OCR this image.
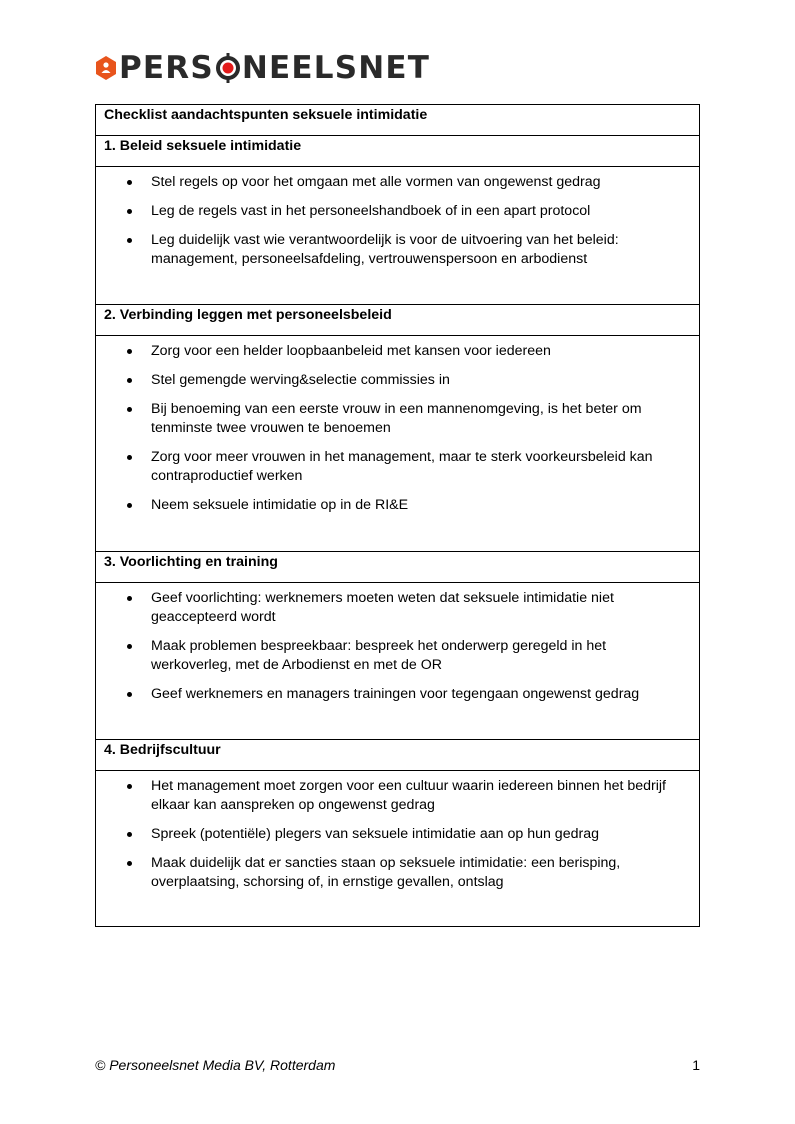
PERS NEELSNET
Checklist aandachtspunten seksuele intimidatie
1. Beleid seksuele intimidatie

Stel regels op voor het omgaan met alle vormen van ongewenst gedrag
Leg de regels vast in het personeelshandboek of in een apart protocol
Leg duidelijk vast wie verantwoordelijk is voor de uitvoering van het beleid: management, personeelsafdeling, vertrouwenspersoon en arbodienst

2. Verbinding leggen met personeelsbeleid

Zorg voor een helder loopbaanbeleid met kansen voor iedereen
Stel gemengde werving&selectie commissies in
Bij benoeming van een eerste vrouw in een mannenomgeving, is het beter om tenminste twee vrouwen te benoemen
Zorg voor meer vrouwen in het management, maar te sterk voorkeursbeleid kan contraproductief werken
Neem seksuele intimidatie op in de RI&E

3. Voorlichting en training

Geef voorlichting: werknemers moeten weten dat seksuele intimidatie niet geaccepteerd wordt
Maak problemen bespreekbaar: bespreek het onderwerp geregeld in het werkoverleg, met de Arbodienst en met de OR
Geef werknemers en managers trainingen voor tegengaan ongewenst gedrag

4. Bedrijfscultuur

Het management moet zorgen voor een cultuur waarin iedereen binnen het bedrijf elkaar kan aanspreken op ongewenst gedrag
Spreek (potentiële) plegers van seksuele intimidatie aan op hun gedrag
Maak duidelijk dat er sancties staan op seksuele intimidatie: een berisping, overplaatsing, schorsing of, in ernstige gevallen, ontslag
© Personeelsnet Media BV, Rotterdam	1
